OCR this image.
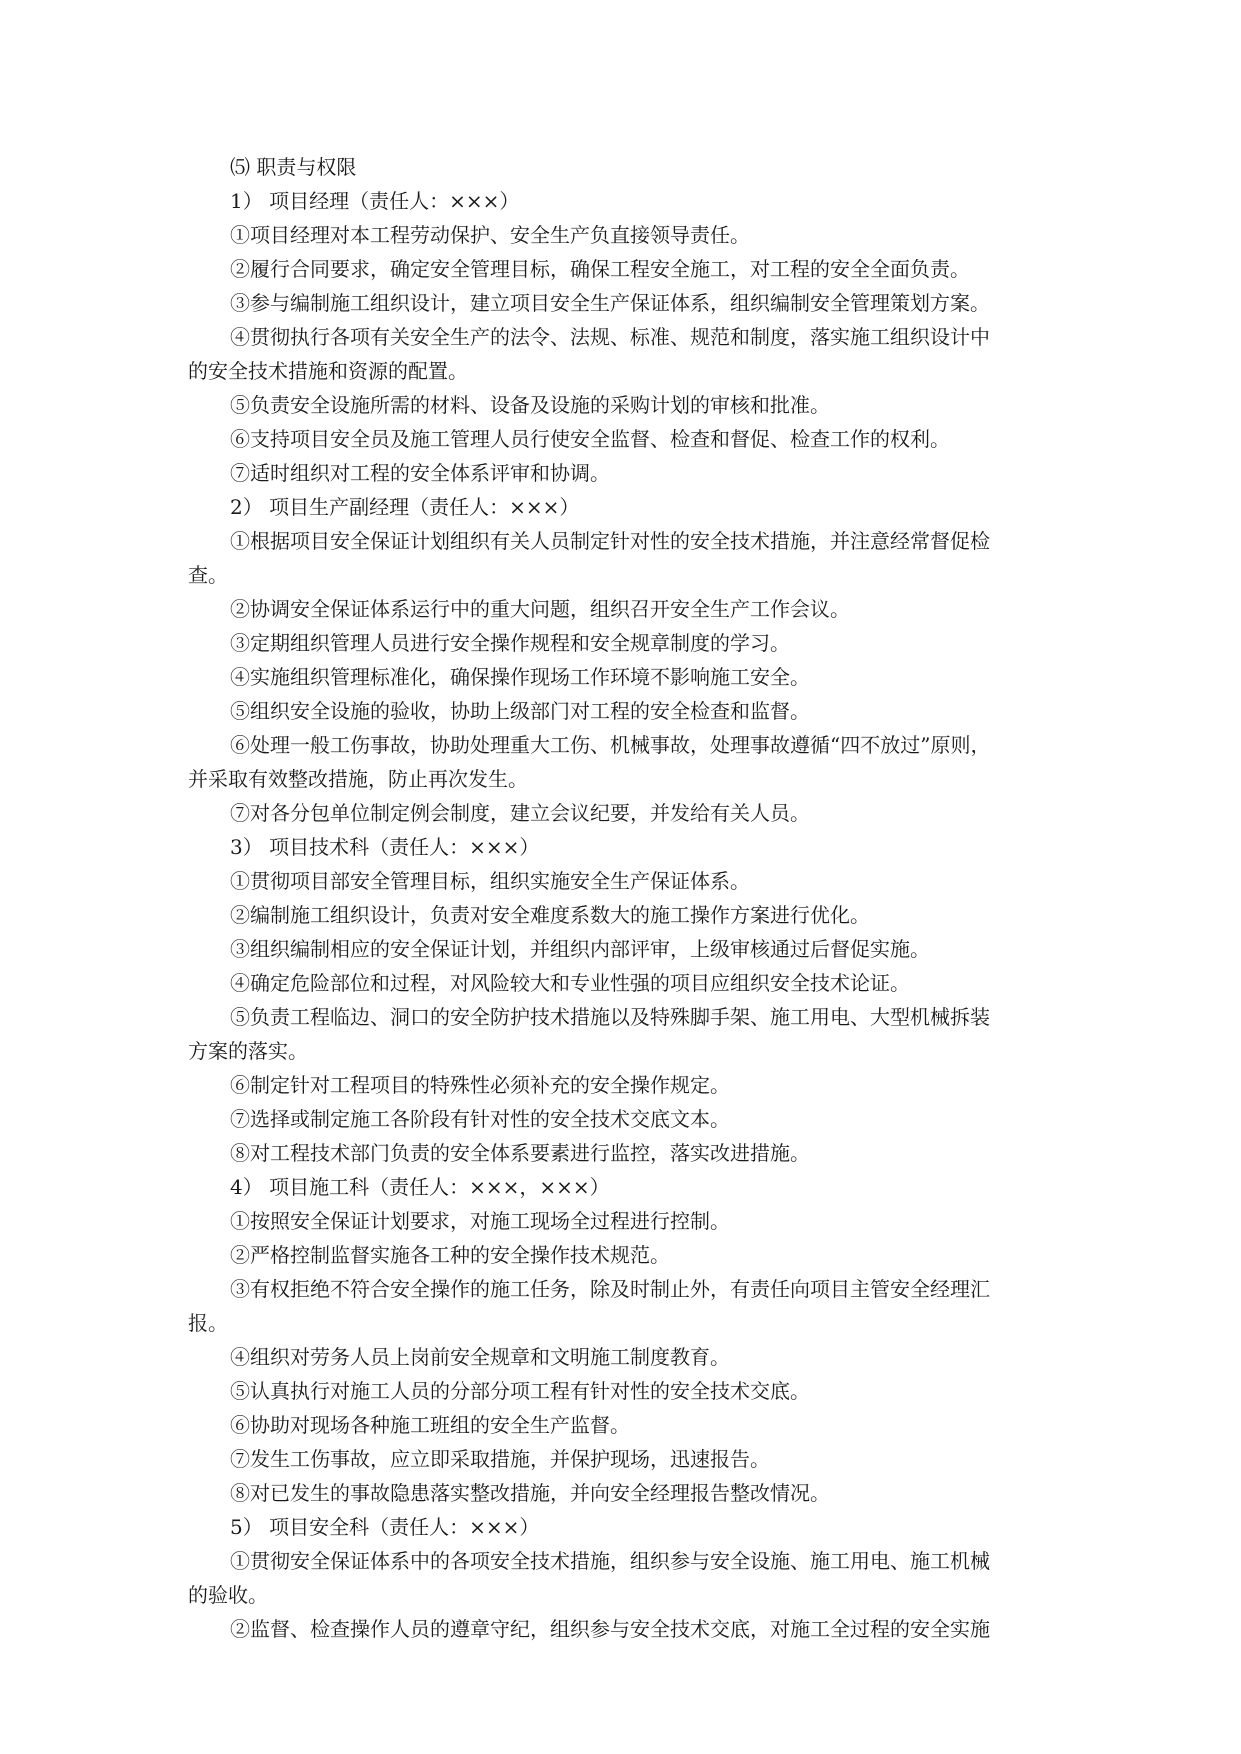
⑸ 职责与权限

1） 项目经理（责任人：×××）

①项目经理对本工程劳动保护、安全生产负直接领导责任。

②履行合同要求，确定安全管理目标，确保工程安全施工，对工程的安全全面负责。

③参与编制施工组织设计，建立项目安全生产保证体系，组织编制安全管理策划方案。

④贯彻执行各项有关安全生产的法令、法规、标准、规范和制度，落实施工组织设计中

的安全技术措施和资源的配置。

⑤负责安全设施所需的材料、设备及设施的采购计划的审核和批准。

⑥支持项目安全员及施工管理人员行使安全监督、检查和督促、检查工作的权利。

⑦适时组织对工程的安全体系评审和协调。

2） 项目生产副经理（责任人：×××）

①根据项目安全保证计划组织有关人员制定针对性的安全技术措施，并注意经常督促检

查。

②协调安全保证体系运行中的重大问题，组织召开安全生产工作会议。

③定期组织管理人员进行安全操作规程和安全规章制度的学习。

④实施组织管理标准化，确保操作现场工作环境不影响施工安全。

⑤组织安全设施的验收，协助上级部门对工程的安全检查和监督。

⑥处理一般工伤事故，协助处理重大工伤、机械事故，处理事故遵循“四不放过”原则，

并采取有效整改措施，防止再次发生。

⑦对各分包单位制定例会制度，建立会议纪要，并发给有关人员。

3） 项目技术科（责任人：×××）

①贯彻项目部安全管理目标，组织实施安全生产保证体系。

②编制施工组织设计，负责对安全难度系数大的施工操作方案进行优化。

③组织编制相应的安全保证计划，并组织内部评审，上级审核通过后督促实施。

④确定危险部位和过程，对风险较大和专业性强的项目应组织安全技术论证。

⑤负责工程临边、洞口的安全防护技术措施以及特殊脚手架、施工用电、大型机械拆装

方案的落实。

⑥制定针对工程项目的特殊性必须补充的安全操作规定。

⑦选择或制定施工各阶段有针对性的安全技术交底文本。

⑧对工程技术部门负责的安全体系要素进行监控，落实改进措施。

4） 项目施工科（责任人：×××，×××）

①按照安全保证计划要求，对施工现场全过程进行控制。

②严格控制监督实施各工种的安全操作技术规范。

③有权拒绝不符合安全操作的施工任务，除及时制止外，有责任向项目主管安全经理汇

报。

④组织对劳务人员上岗前安全规章和文明施工制度教育。

⑤认真执行对施工人员的分部分项工程有针对性的安全技术交底。

⑥协助对现场各种施工班组的安全生产监督。

⑦发生工伤事故，应立即采取措施，并保护现场，迅速报告。

⑧对已发生的事故隐患落实整改措施，并向安全经理报告整改情况。

5） 项目安全科（责任人：×××）

①贯彻安全保证体系中的各项安全技术措施，组织参与安全设施、施工用电、施工机械

的验收。

②监督、检查操作人员的遵章守纪，组织参与安全技术交底，对施工全过程的安全实施
